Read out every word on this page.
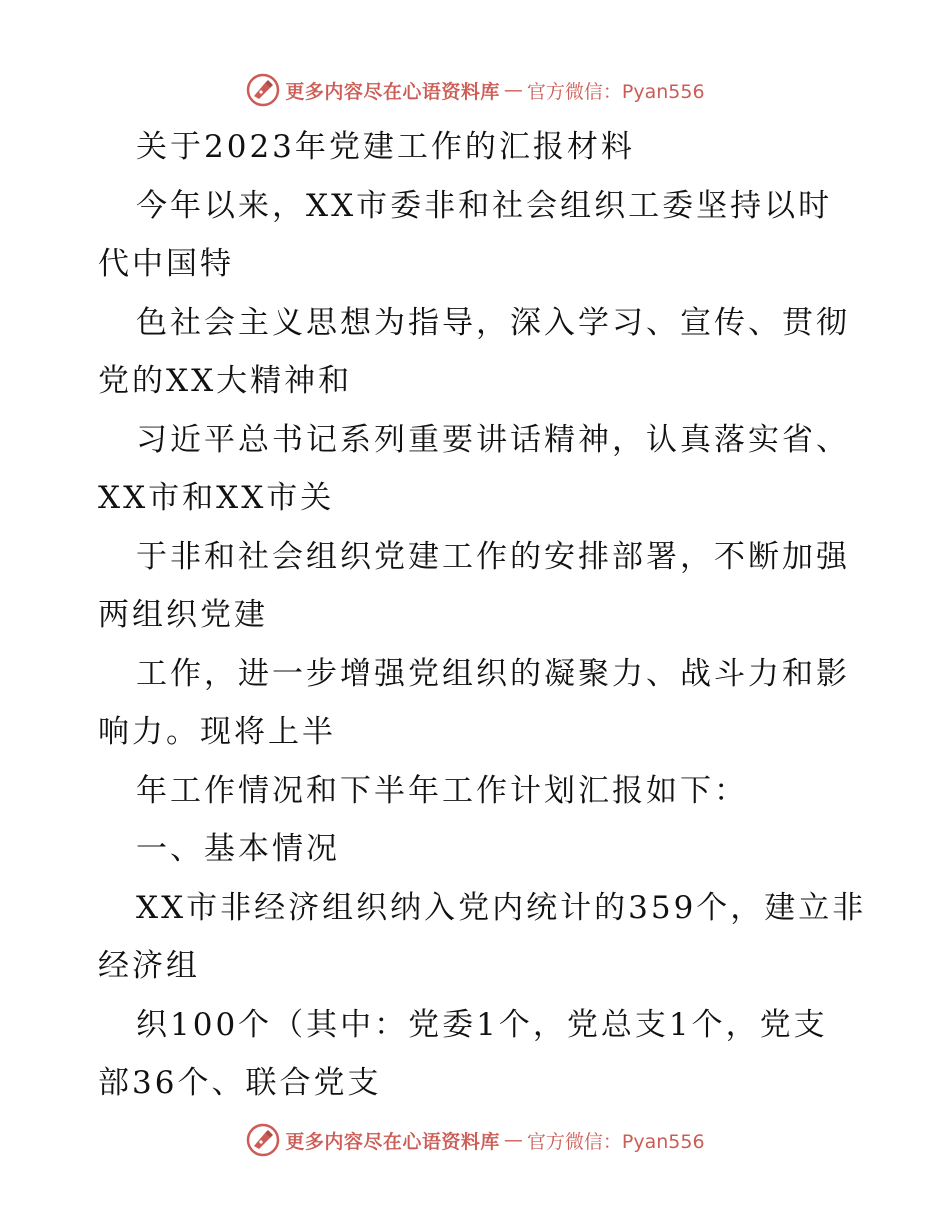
更多内容尽在心语资料库 — 官方微信：Pyan556
关于2023年党建工作的汇报材料
今年以来，XX市委非和社会组织工委坚持以时
代中国特
色社会主义思想为指导，深入学习、宣传、贯彻
党的XX大精神和
习近平总书记系列重要讲话精神，认真落实省、
XX市和XX市关
于非和社会组织党建工作的安排部署，不断加强
两组织党建
工作，进一步增强党组织的凝聚力、战斗力和影
响力。现将上半
年工作情况和下半年工作计划汇报如下：
一、基本情况
XX市非经济组织纳入党内统计的359个，建立非
经济组
织100个（其中：党委1个，党总支1个，党支
部36个、联合党支
更多内容尽在心语资料库 — 官方微信：Pyan556
